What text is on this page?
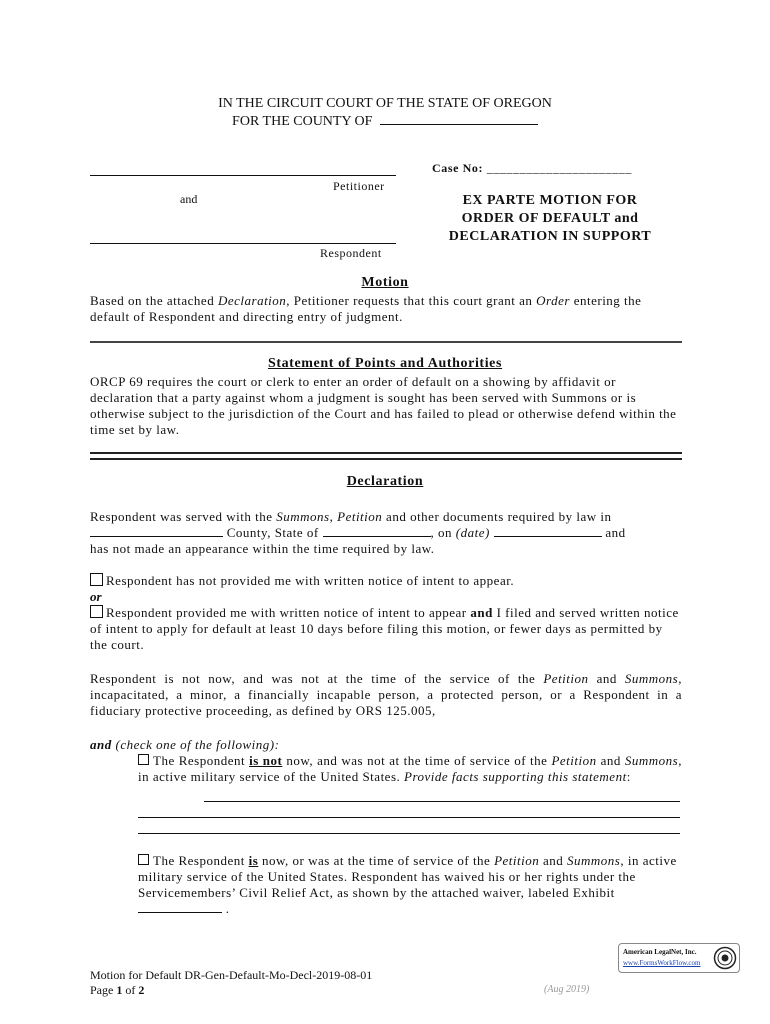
IN THE CIRCUIT COURT OF THE STATE OF OREGON
FOR THE COUNTY OF
Petitioner
and
Respondent
Case No: ______________________
EX PARTE MOTION FOR
ORDER OF DEFAULT and
DECLARATION IN SUPPORT
Motion
Based on the attached Declaration, Petitioner requests that this court grant an Order entering the default of Respondent and directing entry of judgment.
Statement of Points and Authorities
ORCP 69 requires the court or clerk to enter an order of default on a showing by affidavit or declaration that a party against whom a judgment is sought has been served with Summons or is otherwise subject to the jurisdiction of the Court and has failed to plead or otherwise defend within the time set by law.
Declaration
Respondent was served with the Summons, Petition and other documents required by law in
County, State of	, on (date)	and
has not made an appearance within the time required by law.
Respondent has not provided me with written notice of intent to appear.
or
Respondent provided me with written notice of intent to appear and I filed and served written notice of intent to apply for default at least 10 days before filing this motion, or fewer days as permitted by the court.
Respondent is not now, and was not at the time of the service of the Petition and Summons, incapacitated, a minor, a financially incapable person, a protected person, or a Respondent in a fiduciary protective proceeding, as defined by ORS 125.005,
and (check one of the following):
The Respondent is not now, and was not at the time of service of the Petition and Summons, in active military service of the United States. Provide facts supporting this statement:
The Respondent is now, or was at the time of service of the Petition and Summons, in active military service of the United States. Respondent has waived his or her rights under the Servicemembers’ Civil Relief Act, as shown by the attached waiver, labeled Exhibit  .
American LegalNet, Inc.
www.FormsWorkFlow.com
Motion for Default DR-Gen-Default-Mo-Decl-2019-08-01
Page 1 of 2	(Aug 2019)
